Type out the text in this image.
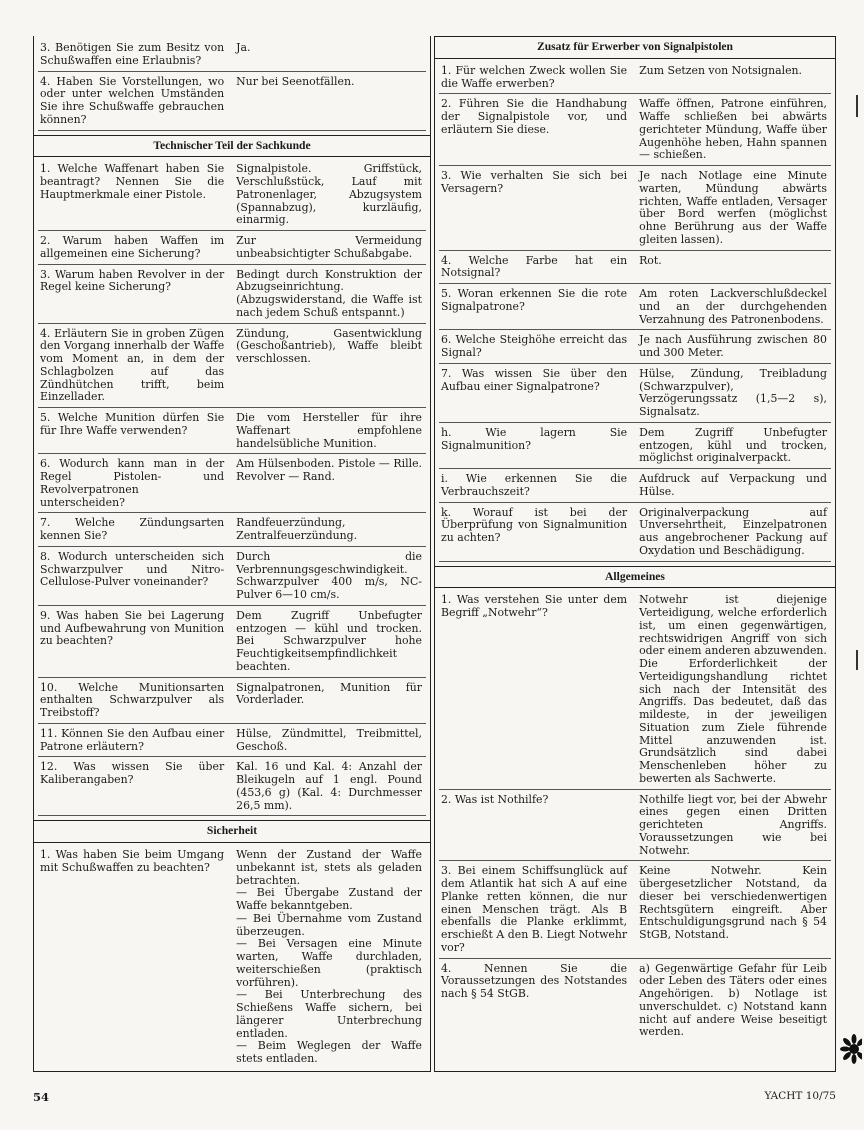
3. Benötigen Sie zum Besitz von Schußwaffen eine Erlaubnis?
Ja.
4. Haben Sie Vorstellungen, wo oder unter welchen Umständen Sie ihre Schußwaffe gebrauchen können?
Nur bei Seenotfällen.
Technischer Teil der Sachkunde
1. Welche Waffenart haben Sie beantragt? Nennen Sie die Hauptmerkmale einer Pistole.
Signalpistole. Griffstück, Verschlußstück, Lauf mit Patronenlager, Abzugsystem (Spannabzug), kurzläufig, einarmig.
2. Warum haben Waffen im allgemeinen eine Sicherung?
Zur Vermeidung unbeabsichtigter Schußabgabe.
3. Warum haben Revolver in der Regel keine Sicherung?
Bedingt durch Konstruktion der Abzugseinrichtung. (Abzugswiderstand, die Waffe ist nach jedem Schuß entspannt.)
4. Erläutern Sie in groben Zügen den Vorgang innerhalb der Waffe vom Moment an, in dem der Schlagbolzen auf das Zündhütchen trifft, beim Einzellader.
Zündung, Gasentwicklung (Geschoßantrieb), Waffe bleibt verschlossen.
5. Welche Munition dürfen Sie für Ihre Waffe verwenden?
Die vom Hersteller für ihre Waffenart empfohlene handelsübliche Munition.
6. Wodurch kann man in der Regel Pistolen- und Revolverpatronen unterscheiden?
Am Hülsenboden. Pistole — Rille. Revolver — Rand.
7. Welche Zündungsarten kennen Sie?
Randfeuerzündung, Zentralfeuerzündung.
8. Wodurch unterscheiden sich Schwarzpulver und Nitro-Cellulose-Pulver voneinander?
Durch die Verbrennungsgeschwindigkeit. Schwarzpulver 400 m/s, NC-Pulver 6—10 cm/s.
9. Was haben Sie bei Lagerung und Aufbewahrung von Munition zu beachten?
Dem Zugriff Unbefugter entzogen — kühl und trocken. Bei Schwarzpulver hohe Feuchtigkeitsempfindlichkeit beachten.
10. Welche Munitionsarten enthalten Schwarzpulver als Treibstoff?
Signalpatronen, Munition für Vorderlader.
11. Können Sie den Aufbau einer Patrone erläutern?
Hülse, Zündmittel, Treibmittel, Geschoß.
12. Was wissen Sie über Kaliberangaben?
Kal. 16 und Kal. 4: Anzahl der Bleikugeln auf 1 engl. Pound (453,6 g) (Kal. 4: Durchmesser 26,5 mm).
Sicherheit
1. Was haben Sie beim Umgang mit Schußwaffen zu beachten?
Wenn der Zustand der Waffe unbekannt ist, stets als geladen betrachten.
— Bei Übergabe Zustand der Waffe bekanntgeben.
— Bei Übernahme vom Zustand überzeugen.
— Bei Versagen eine Minute warten, Waffe durchladen, weiterschießen (praktisch vorführen).
— Bei Unterbrechung des Schießens Waffe sichern, bei längerer Unterbrechung entladen.
— Beim Weglegen der Waffe stets entladen.
Zusatz für Erwerber von Signalpistolen
1. Für welchen Zweck wollen Sie die Waffe erwerben?
Zum Setzen von Notsignalen.
2. Führen Sie die Handhabung der Signalpistole vor, und erläutern Sie diese.
Waffe öffnen, Patrone einführen, Waffe schließen bei abwärts gerichteter Mündung, Waffe über Augenhöhe heben, Hahn spannen — schießen.
3. Wie verhalten Sie sich bei Versagern?
Je nach Notlage eine Minute warten, Mündung abwärts richten, Waffe entladen, Versager über Bord werfen (möglichst ohne Berührung aus der Waffe gleiten lassen).
4. Welche Farbe hat ein Notsignal?
Rot.
5. Woran erkennen Sie die rote Signalpatrone?
Am roten Lackverschlußdeckel und an der durchgehenden Verzahnung des Patronenbodens.
6. Welche Steighöhe erreicht das Signal?
Je nach Ausführung zwischen 80 und 300 Meter.
7. Was wissen Sie über den Aufbau einer Signalpatrone?
Hülse, Zündung, Treibladung (Schwarzpulver), Verzögerungssatz (1,5—2 s), Signalsatz.
h. Wie lagern Sie Signalmunition?
Dem Zugriff Unbefugter entzogen, kühl und trocken, möglichst originalverpackt.
i. Wie erkennen Sie die Verbrauchszeit?
Aufdruck auf Verpackung und Hülse.
k. Worauf ist bei der Überprüfung von Signalmunition zu achten?
Originalverpackung auf Unversehrtheit, Einzelpatronen aus angebrochener Packung auf Oxydation und Beschädigung.
Allgemeines
1. Was verstehen Sie unter dem Begriff „Notwehr“?
Notwehr ist diejenige Verteidigung, welche erforderlich ist, um einen gegenwärtigen, rechtswidrigen Angriff von sich oder einem anderen abzuwenden.
Die Erforderlichkeit der Verteidigungshandlung richtet sich nach der Intensität des Angriffs. Das bedeutet, daß das mildeste, in der jeweiligen Situation zum Ziele führende Mittel anzuwenden ist. Grundsätzlich sind dabei Menschenleben höher zu bewerten als Sachwerte.
2. Was ist Nothilfe?	Nothilfe liegt vor, bei der Abwehr eines gegen einen Dritten gerichteten Angriffs. Voraussetzungen wie bei Notwehr.
3. Bei einem Schiffsunglück auf dem Atlantik hat sich A auf eine Planke retten können, die nur einen Menschen trägt. Als B ebenfalls die Planke erklimmt, erschießt A den B. Liegt Notwehr vor?
Keine Notwehr. Kein übergesetzlicher Notstand, da dieser bei verschiedenwertigen Rechtsgütern eingreift. Aber Entschuldigungsgrund nach § 54 StGB, Notstand.
4. Nennen Sie die Voraussetzungen des Notstandes nach § 54 StGB.
a) Gegenwärtige Gefahr für Leib oder Leben des Täters oder eines Angehörigen. b) Notlage ist unverschuldet. c) Notstand kann nicht auf andere Weise beseitigt werden.
54	YACHT 10/75
